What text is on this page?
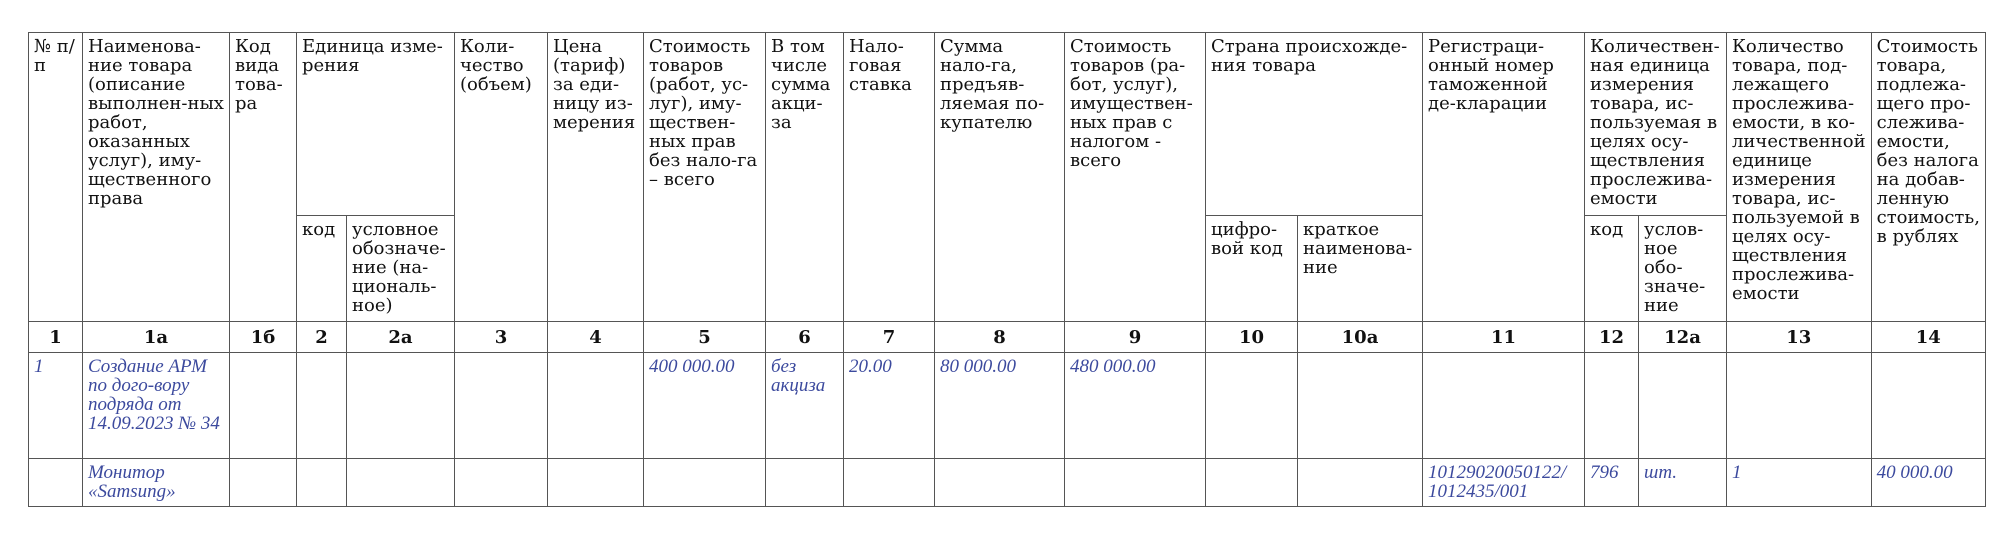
№ п/п	Наименова-ние товара (описание выполнен-ных работ, оказанных услуг), иму-щественного права	Код вида това-ра	Единица изме-рения		Коли-чество (объем)	Цена (тариф) за еди-ницу из-мерения	Стоимость товаров (работ, ус-луг), иму-ществен-ных прав без нало-га – всего	В том числе сумма акци-за	Нало-говая ставка	Сумма нало-га, предъяв-ляемая по-купателю	Стоимость товаров (ра-бот, услуг), имуществен-ных прав с налогом - всего	Страна происхожде-ния товара		Регистраци-онный номер таможенной де-кларации	Количествен-ная единица измерения товара, ис-пользуемая в целях осу-ществления прослежива-емости		Количество товара, под-лежащего прослежива-емости, в ко-личественной единице измерения товара, ис-пользуемой в целях осу-ществления прослежива-емости	Стоимость товара, подлежа-щего про-слежива-емости, без налога на добав-ленную стоимость, в рублях
			код	условное обозначе-ние (на-циональ-ное)								цифро-вой код	краткое наименова-ние		код	услов-ное обо-значе-ние		
1	1а	1б	2	2а	3	4	5	6	7	8	9	10	10а	11	12	12а	13	14
1	Создание АРМ по дого-вору подряда от 14.09.2023 № 34						400 000.00	без акциза	20.00	80 000.00	480 000.00							
	Монитор «Samsung»													10129020050122/ 1012435/001	796	шт.	1	40 000.00
